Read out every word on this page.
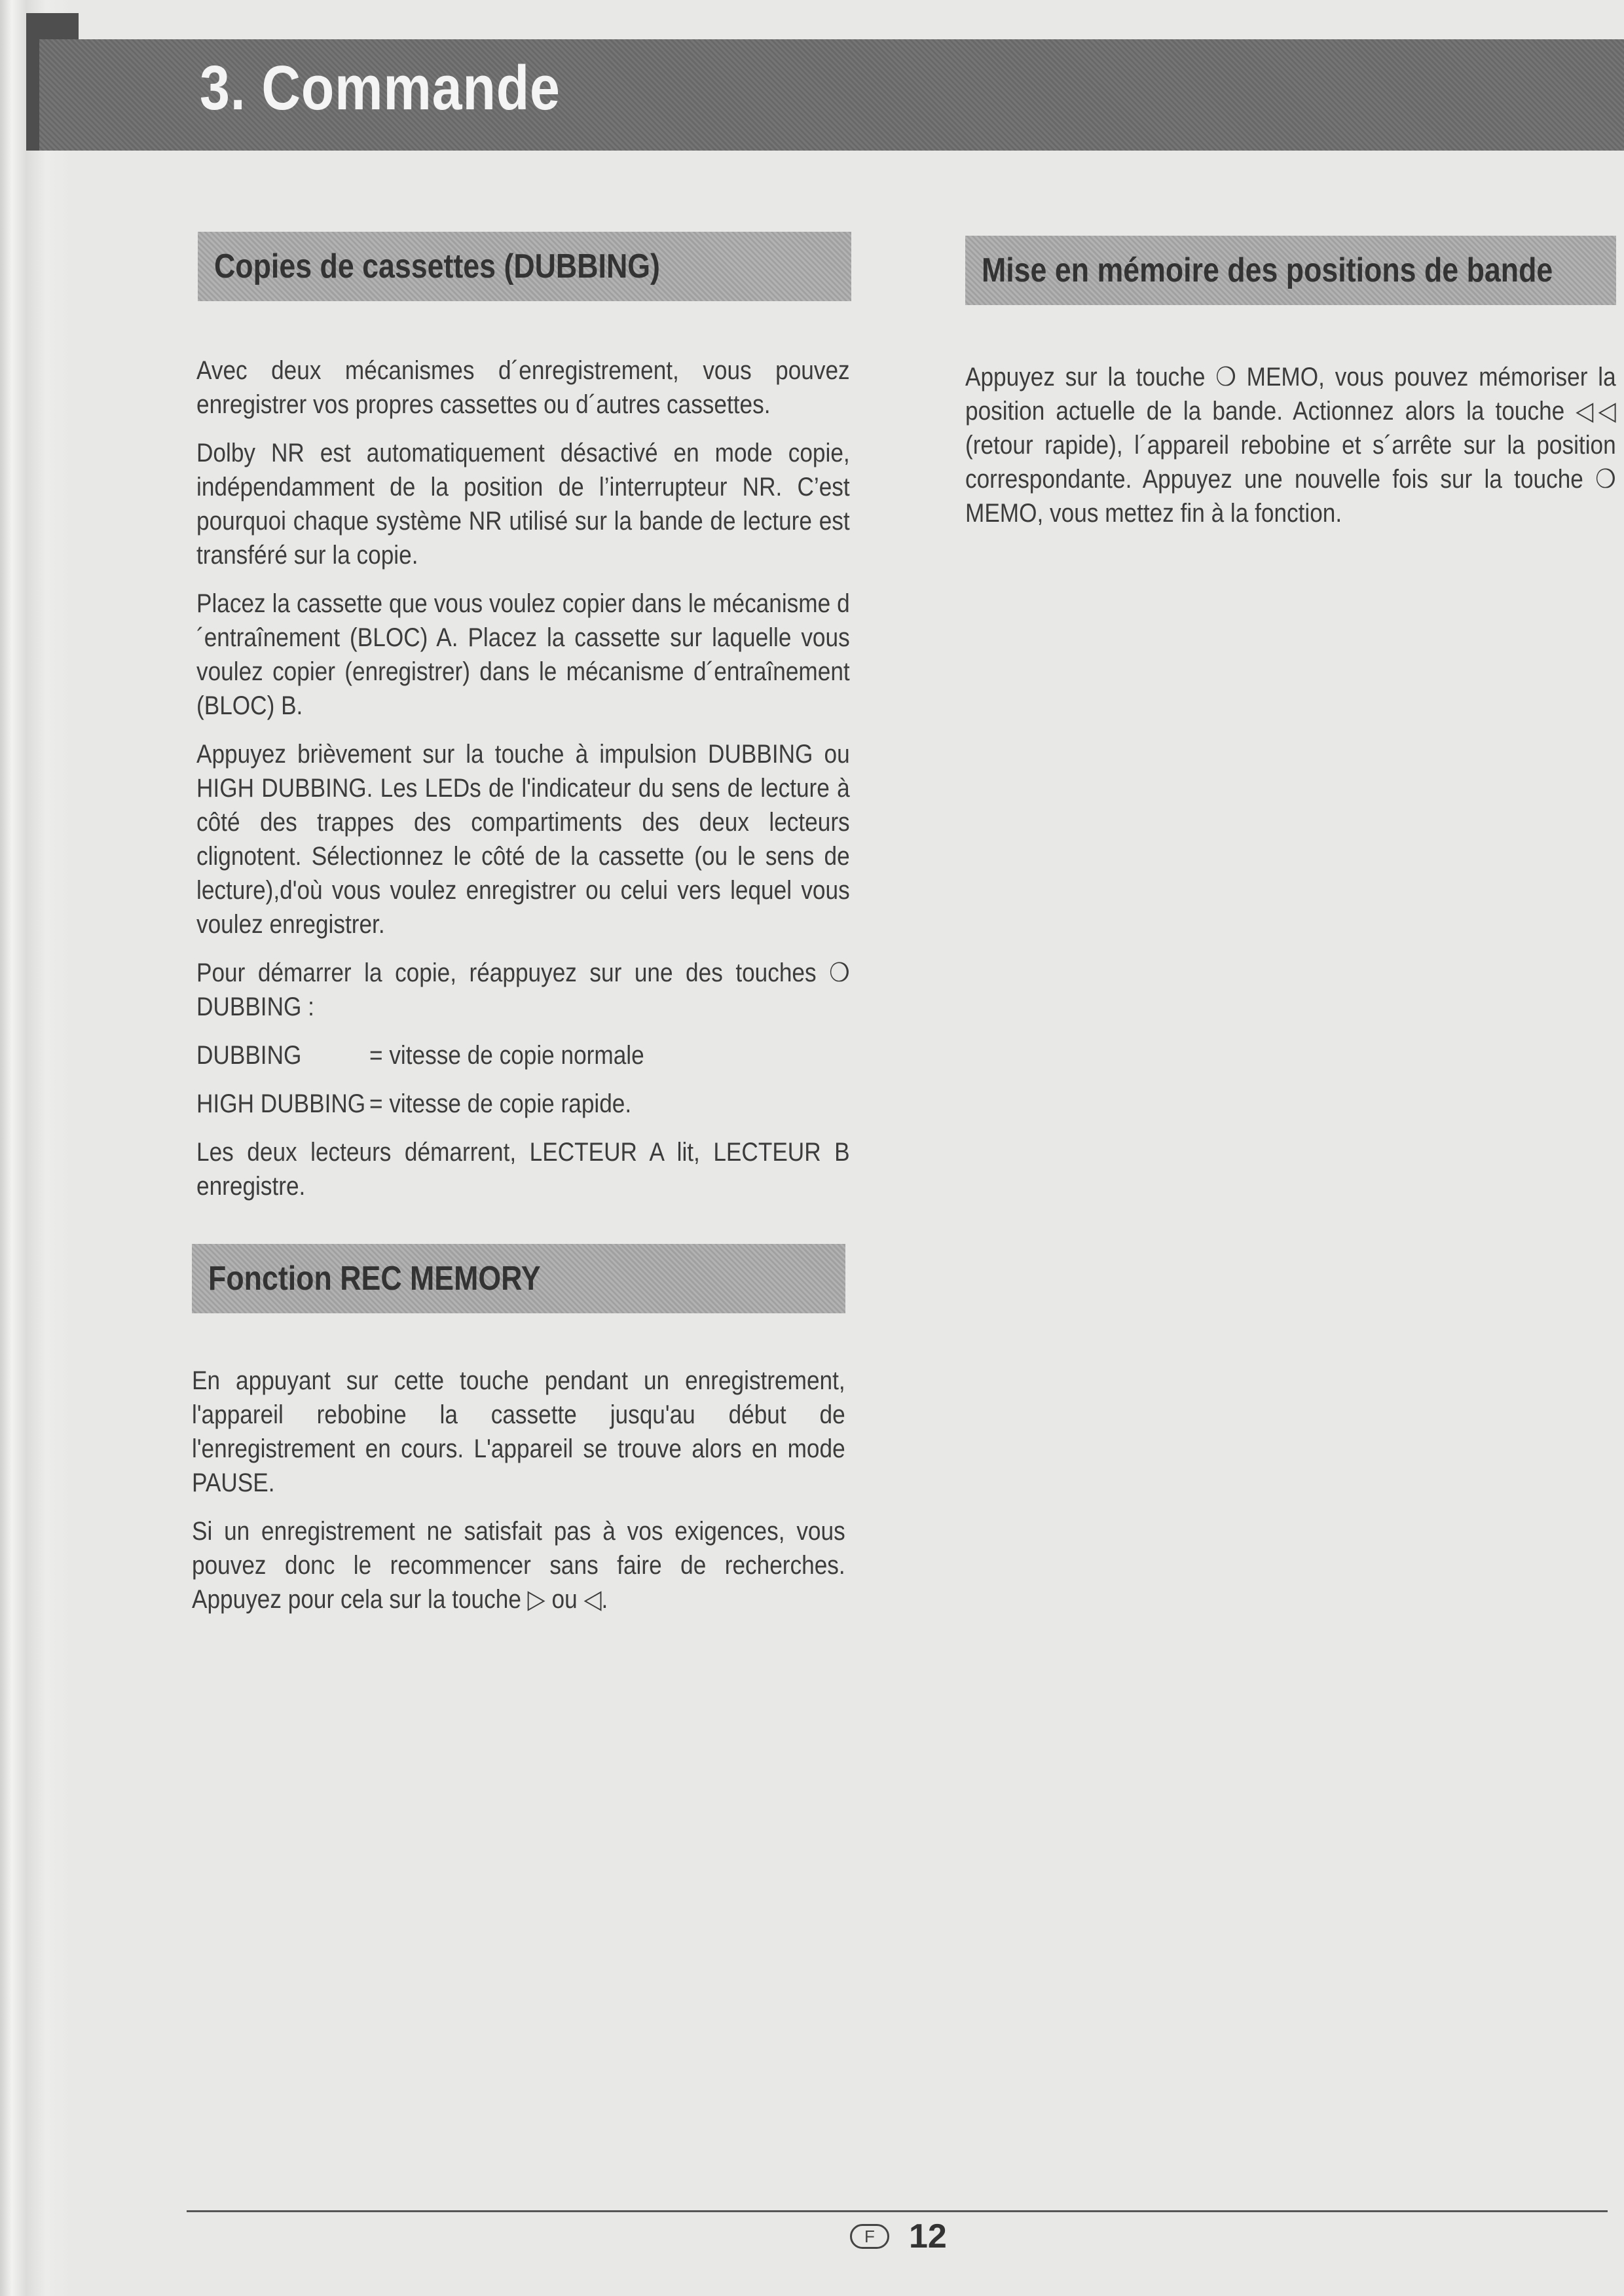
3. Commande
Copies de cassettes (DUBBING)

Avec deux mécanismes d´enregistrement, vous pouvez enregistrer vos propres cassettes ou d´autres cassettes.

Dolby NR est automatiquement désactivé en mode copie, indépendamment de la position de l’interrupteur NR. C’est pourquoi chaque système NR utilisé sur la bande de lecture est transféré sur la copie.

Placez la cassette que vous voulez copier dans le mécanisme d´entraînement (BLOC) A. Placez la cassette sur laquelle vous voulez copier (enregistrer) dans le mécanisme d´entraînement (BLOC) B.

Appuyez brièvement sur la touche à impulsion DUBBING ou HIGH DUBBING. Les LEDs de l'indicateur du sens de lecture à côté des trappes des compartiments des deux lecteurs clignotent. Sélectionnez le côté de la cassette (ou le sens de lecture),d'où vous voulez enregistrer ou celui vers lequel vous voulez enregistrer.

Pour démarrer la copie, réappuyez sur une des touches ❍ DUBBING :

DUBBING	= vitesse de copie normale
HIGH DUBBING = vitesse de copie rapide.

Les deux lecteurs démarrent, LECTEUR A lit, LECTEUR B enregistre.

Fonction REC MEMORY

En appuyant sur cette touche pendant un enregistrement, l'appareil rebobine la cassette jusqu'au début de l'enregistrement en cours. L'appareil se trouve alors en mode PAUSE.

Si un enregistrement ne satisfait pas à vos exigences, vous pouvez donc le recommencer sans faire de recherches. Appuyez pour cela sur la touche ▷ ou ◁.

Mise en mémoire des positions de bande

Appuyez sur la touche ❍ MEMO, vous pouvez mémoriser la position actuelle de la bande. Actionnez alors la touche ◁◁ (retour rapide), l´appareil rebobine et s´arrête sur la position correspondante. Appuyez une nouvelle fois sur la touche ❍ MEMO, vous mettez fin à la fonction.

F	12
